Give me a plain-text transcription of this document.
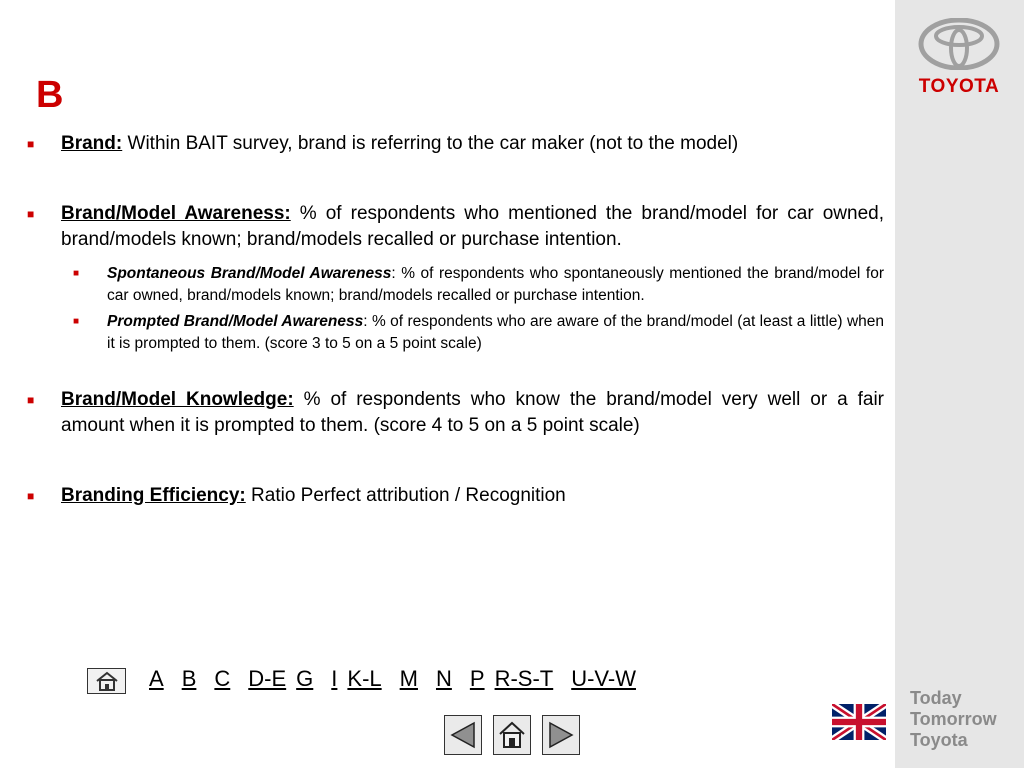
TOYOTA
Today
Tomorrow
Toyota
B
■ Brand: Within BAIT survey, brand is referring to the car maker (not to the model)
■ Brand/Model Awareness: % of respondents who mentioned the brand/model for car owned, brand/models known; brand/models recalled or purchase intention.
■ Spontaneous Brand/Model Awareness: % of respondents who spontaneously mentioned the brand/model for car owned, brand/models known; brand/models recalled or purchase intention.
■ Prompted Brand/Model Awareness: % of respondents who are aware of the brand/model (at least a little) when it is prompted to them. (score 3 to 5 on a 5 point scale)
■ Brand/Model Knowledge: % of respondents who know the brand/model very well or a fair amount when it is prompted to them. (score 4 to 5 on a 5 point scale)
■ Branding Efficiency: Ratio Perfect attribution / Recognition
A B C D-E G I K-L M N P R-S-T U-V-W
